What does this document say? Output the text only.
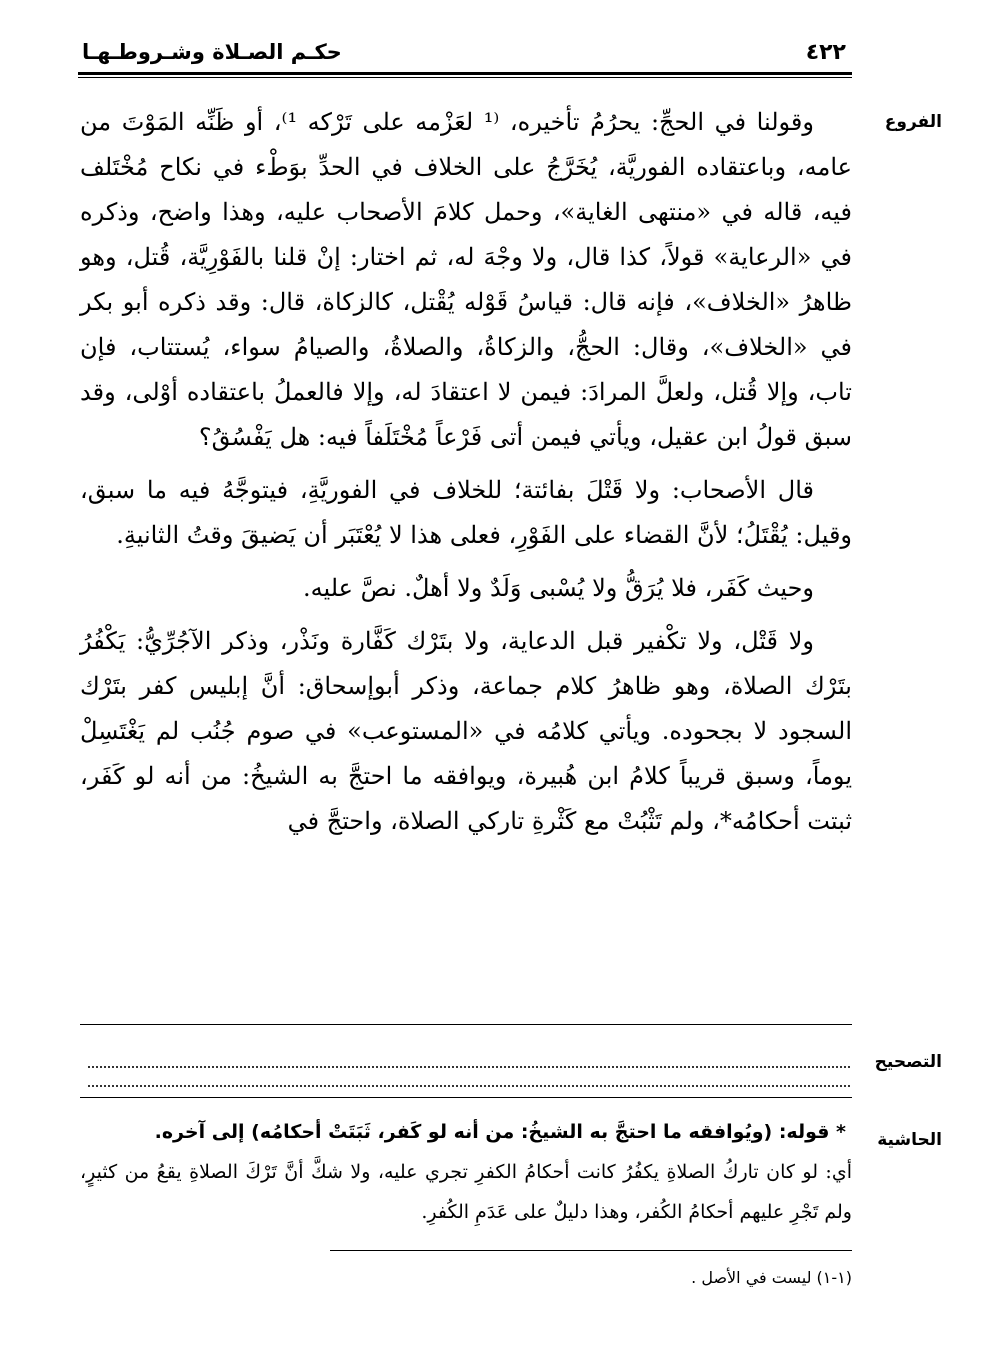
٤٢٢
حكـم الصـلاة وشـروطـهـا
الفروع

وقولنا في الحجِّ: يحرُمُ تأخيره، ⁽¹ لعَزْمه على تَرْكه ¹⁾، أو ظَنِّه المَوْتَ من عامه، وباعتقاده الفوريَّة، يُخَرَّجُ على الخلاف في الحدِّ بوَطْء في نكاح مُخْتَلف فيه، قاله في «منتهى الغاية»، وحمل كلامَ الأصحاب عليه، وهذا واضح، وذكره في «الرعاية» قولاً، كذا قال، ولا وجْهَ له، ثم اختار: إنْ قلنا بالفَوْرِيَّة، قُتل، وهو ظاهرُ «الخلاف»، فإنه قال: قياسُ قَوْله يُقْتل، كالزكاة، قال: وقد ذكره أبو بكر في «الخلاف»، وقال: الحجُّ، والزكاةُ، والصلاةُ، والصيامُ سواء، يُستتاب، فإن تاب، وإلا قُتل، ولعلَّ المرادَ: فيمن لا اعتقادَ له، وإلا فالعملُ باعتقاده أوْلى، وقد سبق قولُ ابن عقيل، ويأتي فيمن أتى فَرْعاً مُخْتَلَفاً فيه: هل يَفْسُقُ؟

قال الأصحاب: ولا قَتْلَ بفائتة؛ للخلاف في الفوريَّةِ، فيتوجَّهُ فيه ما سبق، وقيل: يُقْتَلُ؛ لأنَّ القضاء على الفَوْرِ، فعلى هذا لا يُعْتَبَر أن يَضيقَ وقتُ الثانيةِ.

وحيث كَفَر، فلا يُرَقُّ ولا يُسْبى وَلَدٌ ولا أهلٌ. نصَّ عليه.

ولا قَتْل، ولا تكْفير قبل الدعاية، ولا بتَرْك كَفَّارة ونَذْر، وذكر الآجُرِّيُّ: يَكْفُرُ بتَرْك الصلاة، وهو ظاهرُ كلام جماعة، وذكر أبوإسحاق: أنَّ إبليس كفر بتَرْك السجود لا بجحوده. ويأتي كلامُه في «المستوعب» في صوم جُنُب لم يَغْتَسِلْ يوماً، وسبق قريباً كلامُ ابن هُبيرة، ويوافقه ما احتجَّ به الشيخُ: من أنه لو كَفَر، ثبتت أحكامُه*، ولم تَثْبُتْ مع كَثْرةِ تاركي الصلاة، واحتجَّ في

التصحيح
الحاشية

* قوله: (ويُوافقه ما احتجَّ به الشيخُ: من أنه لو كَفر، ثَبَتَتْ أحكامُه) إلى آخره.

أي: لو كان تاركُ الصلاةِ يكفُرُ كانت أحكامُ الكفرِ تجري عليه، ولا شكَّ أنَّ تَرْكَ الصلاةِ يقعُ من كثيرٍ، ولم تَجْرِ عليهم أحكامُ الكُفر، وهذا دليلٌ على عَدَمِ الكُفرِ.

(١-١) ليست في الأصل .
